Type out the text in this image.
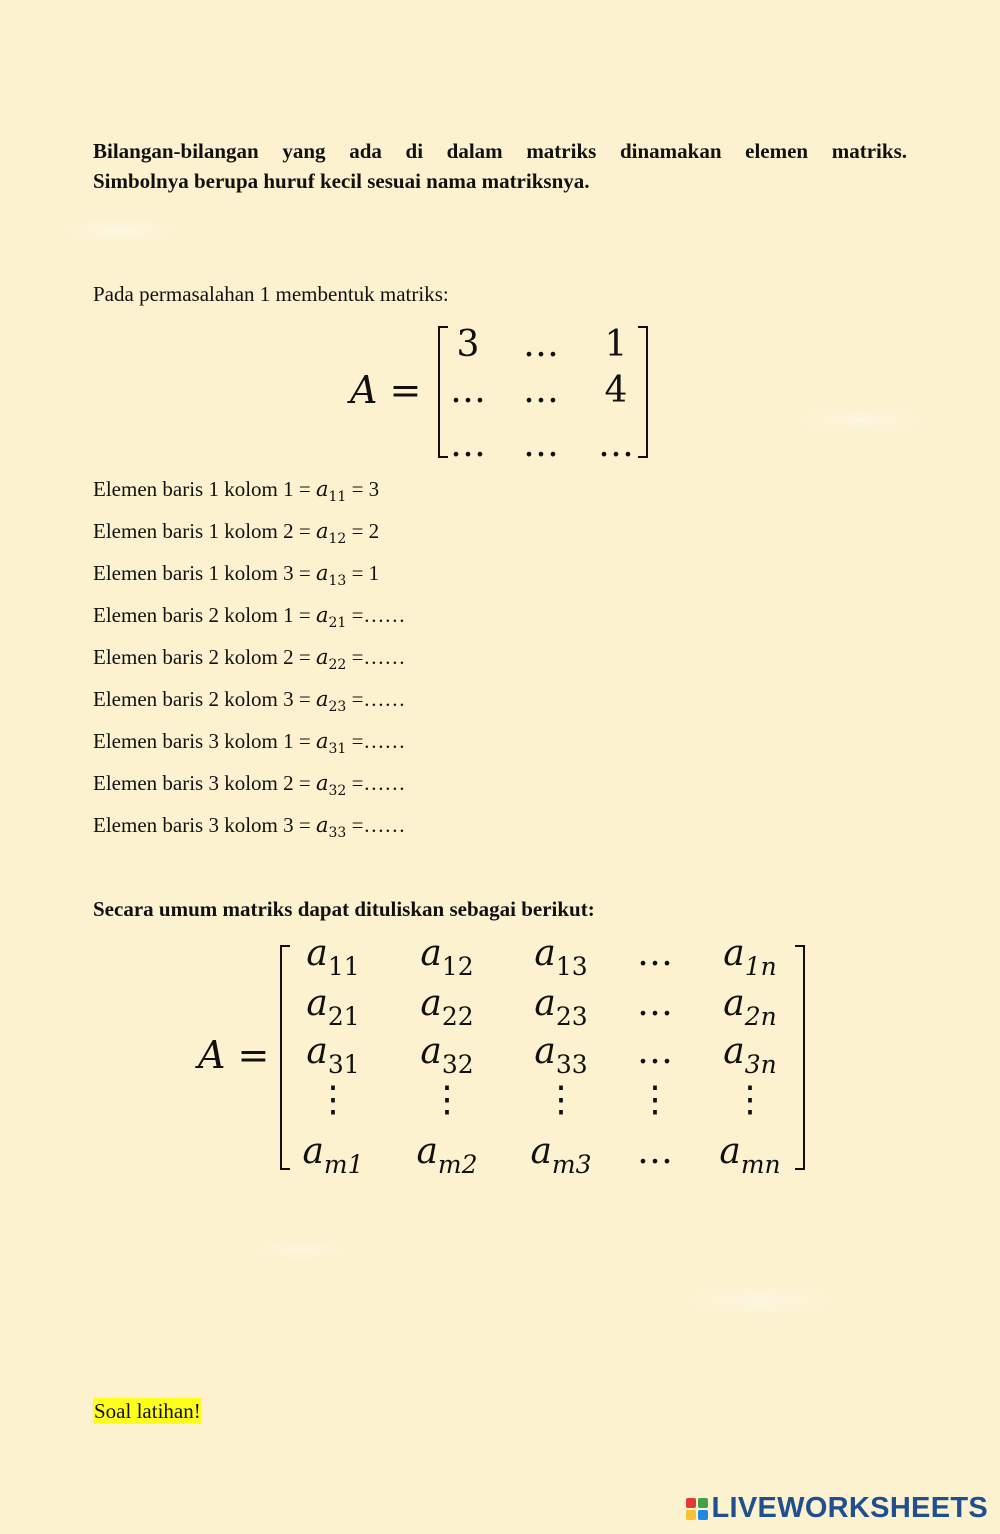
Bilangan-bilangan yang ada di dalam matriks dinamakan elemen matriks.
Simbolnya berupa huruf kecil sesuai nama matriksnya.
Pada permasalahan 1 membentuk matriks:
A =
3	…	1
…	…	4
…	…	…
Elemen baris 1 kolom $1 = a_{11} = 3$
Elemen baris 1 kolom $2 = a_{12} = 2$
Elemen baris 1 kolom $3 = a_{13} = 1$
Elemen baris 2 kolom $1 = a_{21}$ =……
Elemen baris 2 kolom $2 = a_{22}$ =……
Elemen baris 2 kolom $3 = a_{23}$ =……
Elemen baris 3 kolom $1 = a_{31}$ =……
Elemen baris 3 kolom $2 = a_{32}$ =……
Elemen baris 3 kolom $3 = a_{33}$ =……
Secara umum matriks dapat dituliskan sebagai berikut:
A =
$a_{11}$	$a_{12}$	$a_{13}$	…	$a_{1n}$
$a_{21}$	$a_{22}$	$a_{23}$	…	$a_{2n}$
$a_{31}$	$a_{32}$	$a_{33}$	…	$a_{3n}$
⋮	⋮	⋮	⋮	⋮
$a_{m1}$	$a_{m2}$	$a_{m3}$	…	$a_{mn}$
Soal latihan!
LIVEWORKSHEETS
